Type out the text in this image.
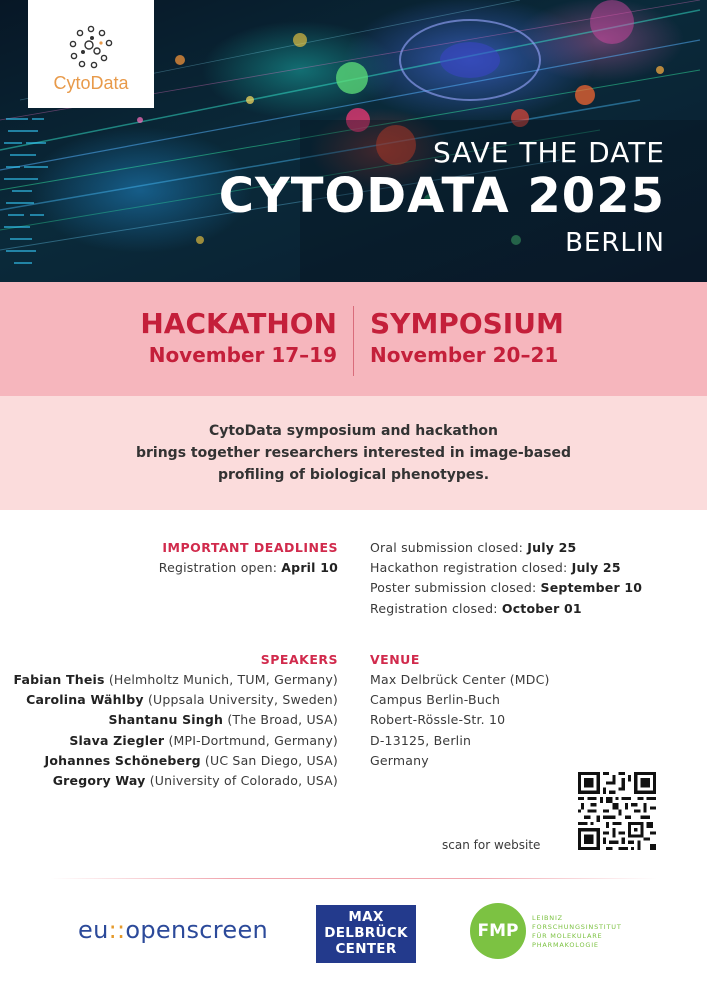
CytoData
SAVE THE DATE
CYTODATA 2025
BERLIN
HACKATHON
November 17–19
SYMPOSIUM
November 20–21

CytoData symposium and hackathon
brings together researchers interested in image-based
profiling of biological phenotypes.

IMPORTANT DEADLINES
Registration open: April 10
Oral submission closed: July 25
Hackathon registration closed: July 25
Poster submission closed: September 10
Registration closed: October 01
SPEAKERS
Fabian Theis (Helmholtz Munich, TUM, Germany)
Carolina Wählby (Uppsala University, Sweden)
Shantanu Singh (The Broad, USA)
Slava Ziegler (MPI-Dortmund, Germany)
Johannes Schöneberg (UC San Diego, USA)
Gregory Way (University of Colorado, USA)
VENUE
Max Delbrück Center (MDC)
Campus Berlin-Buch
Robert-Rössle-Str. 10
D-13125, Berlin
Germany
scan for website
eu::openscreen	MAX
DELBRÜCK
CENTER
FMP
LEIBNIZ
FORSCHUNGSINSTITUT
FÜR MOLEKULARE
PHARMAKOLOGIE
